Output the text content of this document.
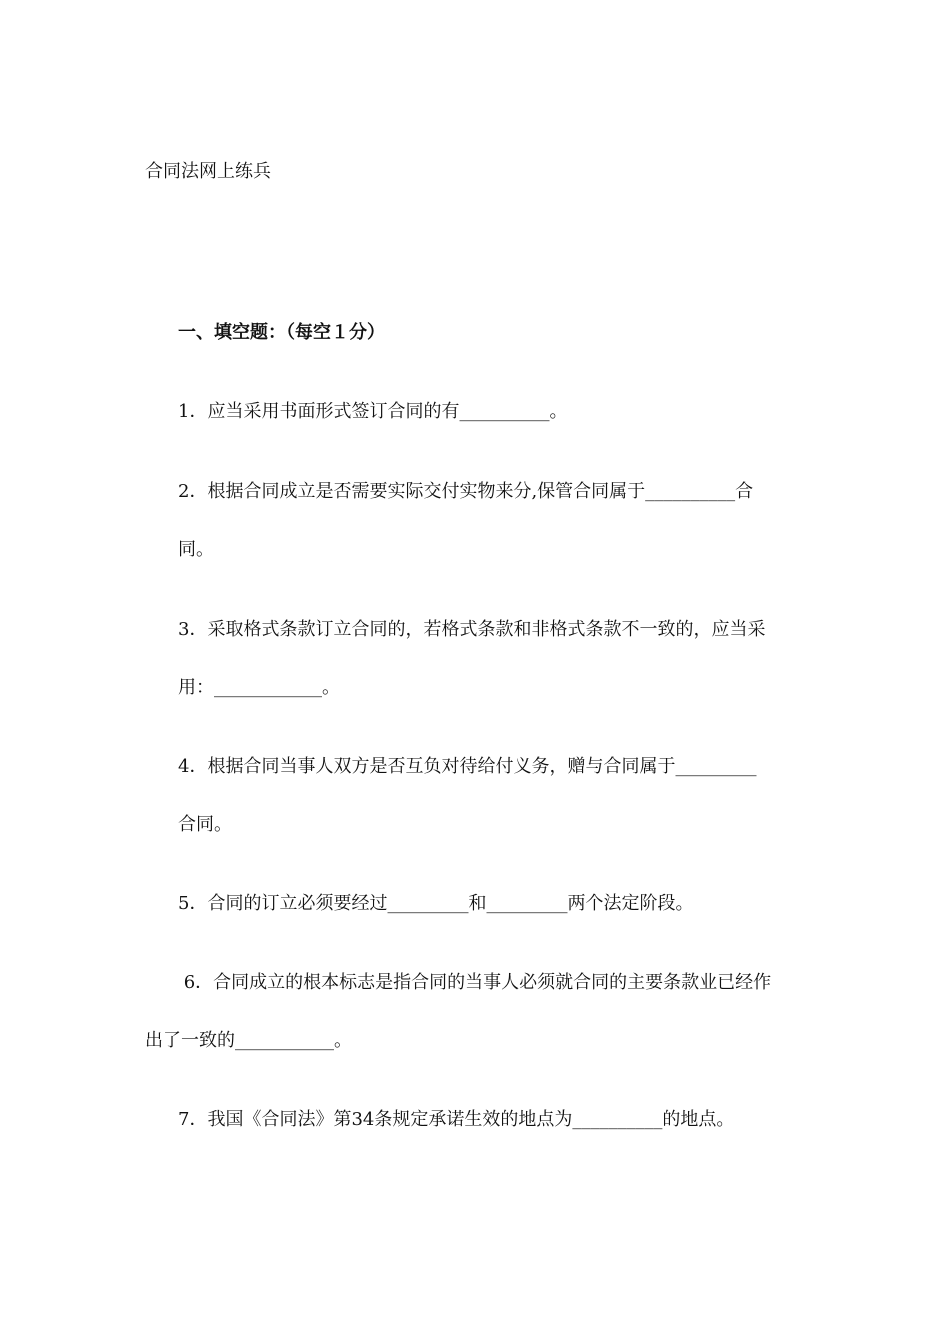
合同法网上练兵

一、填空题：（每空１分）

1．应当采用书面形式签订合同的有__________。

2．根据合同成立是否需要实际交付实物来分,保管合同属于__________合

同。

3．采取格式条款订立合同的，若格式条款和非格式条款不一致的，应当采

用：____________。

4．根据合同当事人双方是否互负对待给付义务，赠与合同属于_________

合同。

5．合同的订立必须要经过_________和_________两个法定阶段。

6．合同成立的根本标志是指合同的当事人必须就合同的主要条款业已经作

出了一致的___________。

7．我国《合同法》第34条规定承诺生效的地点为__________的地点。
